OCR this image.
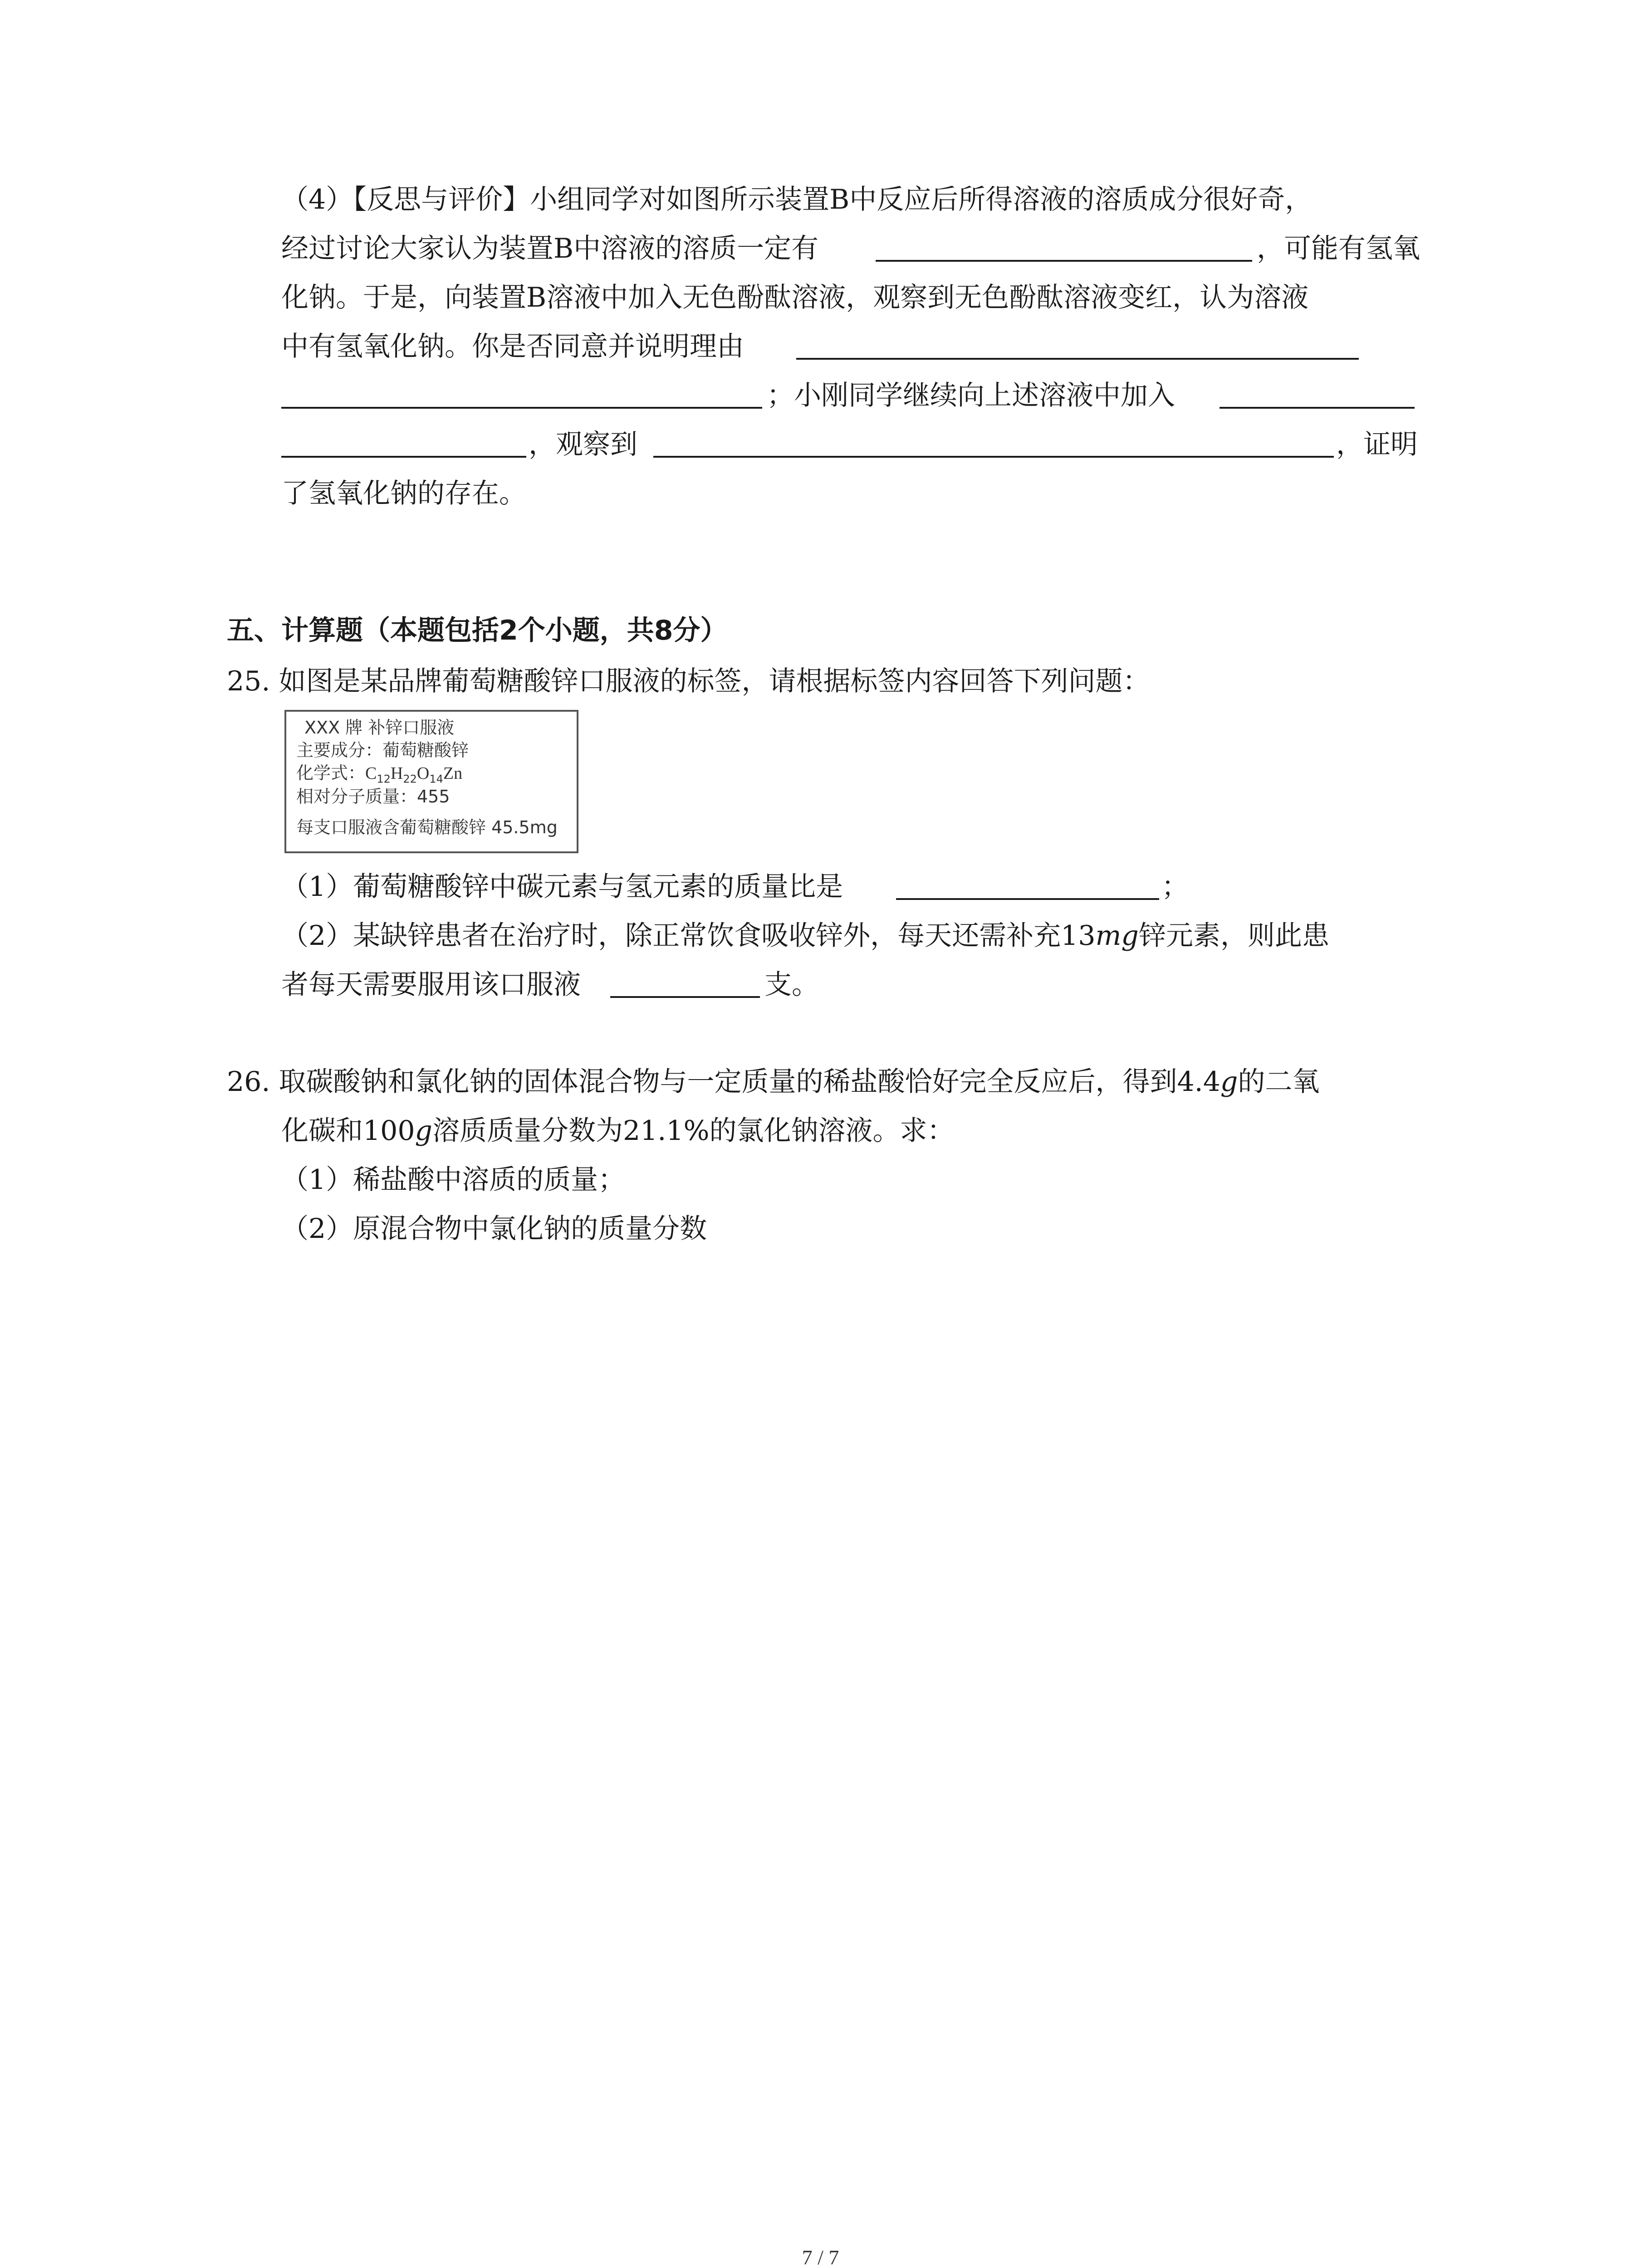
（4）【反思与评价】小组同学对如图所示装置B中反应后所得溶液的溶质成分很好奇，
经过讨论大家认为装置B中溶液的溶质一定有	，可能有氢氧
化钠。于是，向装置B溶液中加入无色酚酞溶液，观察到无色酚酞溶液变红，认为溶液
中有氢氧化钠。你是否同意并说明理由
；小刚同学继续向上述溶液中加入
，观察到	，证明
了氢氧化钠的存在。
五、计算题（本题包括2个小题，共8分）
25. 如图是某品牌葡萄糖酸锌口服液的标签，请根据标签内容回答下列问题：
XXX 牌 补锌口服液
主要成分：葡萄糖酸锌
化学式：$C_{12}H_{22}O_{14}Zn$
相对分子质量：455
每支口服液含葡萄糖酸锌 45.5mg
（1）葡萄糖酸锌中碳元素与氢元素的质量比是	；
（2）某缺锌患者在治疗时，除正常饮食吸收锌外，每天还需补充13mg锌元素，则此患
者每天需要服用该口服液	支。
26. 取碳酸钠和氯化钠的固体混合物与一定质量的稀盐酸恰好完全反应后，得到4.4g的二氧
化碳和100g溶质质量分数为21.1%的氯化钠溶液。求：
（1）稀盐酸中溶质的质量；
（2）原混合物中氯化钠的质量分数
7 / 7
